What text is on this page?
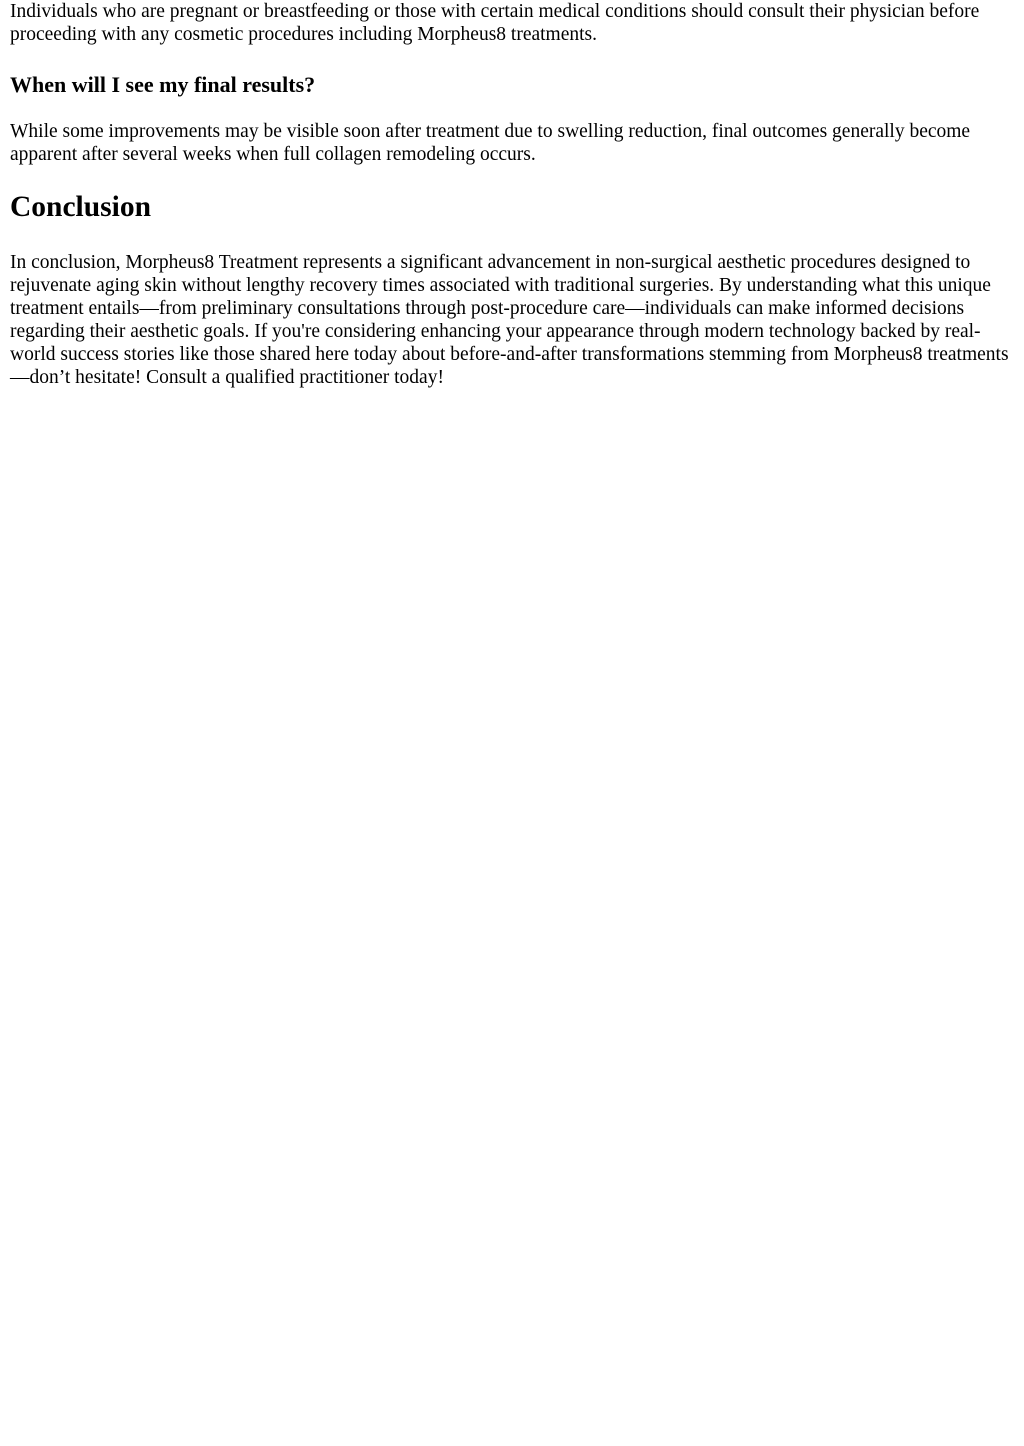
Individuals who are pregnant or breastfeeding or those with certain medical conditions should consult their physician before proceeding with any cosmetic procedures including Morpheus8 treatments.

When will I see my final results?

While some improvements may be visible soon after treatment due to swelling reduction, final outcomes generally become apparent after several weeks when full collagen remodeling occurs.

Conclusion

In conclusion, Morpheus8 Treatment represents a significant advancement in non-surgical aesthetic procedures designed to rejuvenate aging skin without lengthy recovery times associated with traditional surgeries. By understanding what this unique treatment entails—from preliminary consultations through post-procedure care—individuals can make informed decisions regarding their aesthetic goals. If you're considering enhancing your appearance through modern technology backed by real-world success stories like those shared here today about before-and-after transformations stemming from Morpheus8 treatments—don’t hesitate! Consult a qualified practitioner today!
